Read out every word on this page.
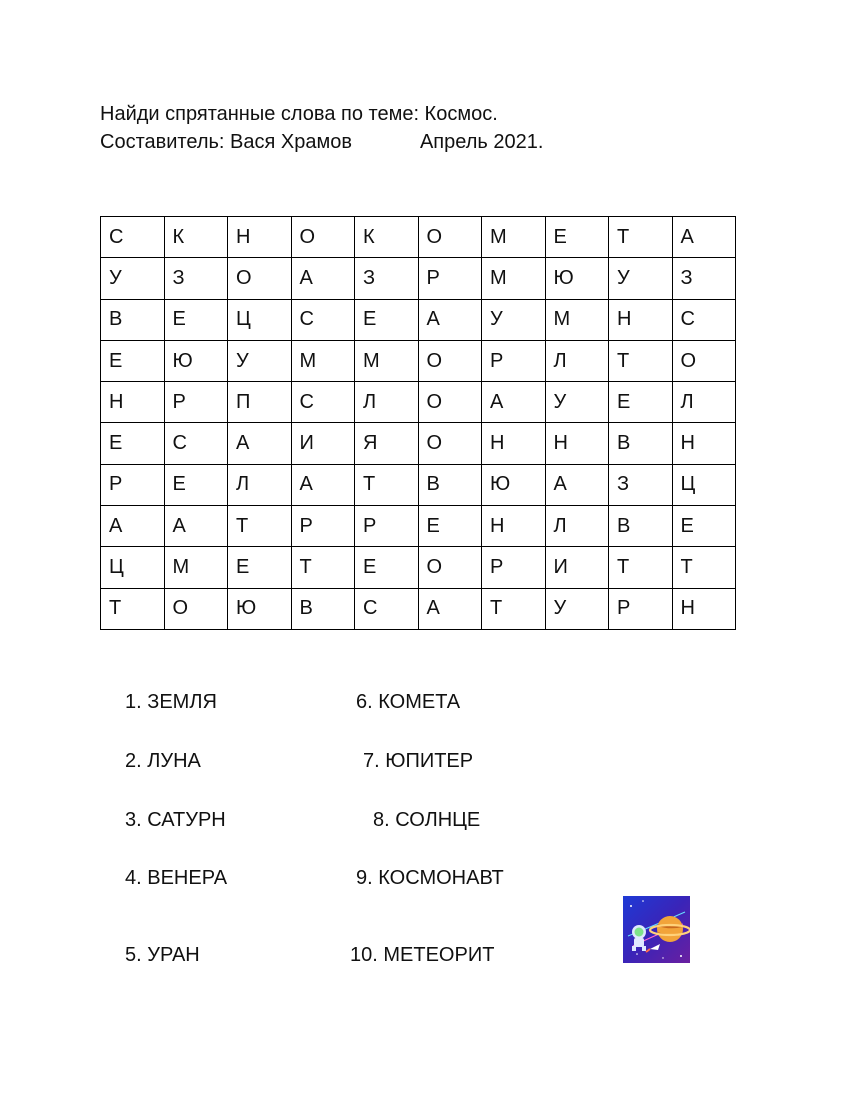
Найди спрятанные слова по теме: Космос.
Составитель: Вася Храмов	Апрель 2021.
С	К	Н	О	К	О	М	Е	Т	А
У	З	О	А	З	Р	М	Ю	У	З
В	Е	Ц	С	Е	А	У	М	Н	С
Е	Ю	У	М	М	О	Р	Л	Т	О
Н	Р	П	С	Л	О	А	У	Е	Л
Е	С	А	И	Я	О	Н	Н	В	Н
Р	Е	Л	А	Т	В	Ю	А	З	Ц
А	А	Т	Р	Р	Е	Н	Л	В	Е
Ц	М	Е	Т	Е	О	Р	И	Т	Т
Т	О	Ю	В	С	А	Т	У	Р	Н
1. ЗЕМЛЯ
2. ЛУНА
3. САТУРН
4. ВЕНЕРА
5. УРАН
6. КОМЕТА
7. ЮПИТЕР
8. СОЛНЦЕ
9. КОСМОНАВТ
10. МЕТЕОРИТ
